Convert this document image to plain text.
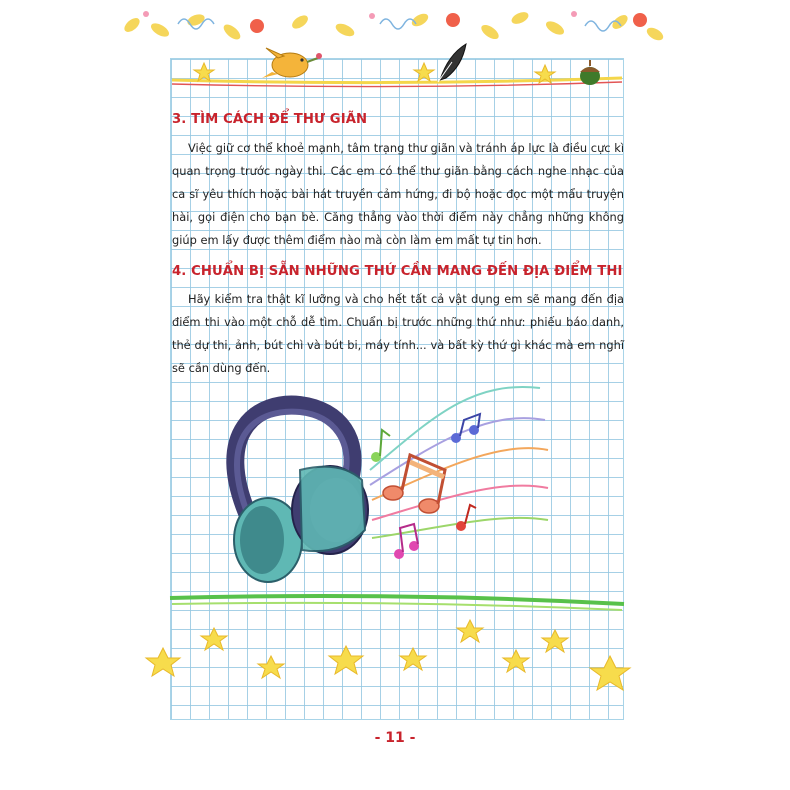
3. TÌM CÁCH ĐỂ THƯ GIÃN

Việc giữ cơ thể khoẻ mạnh, tâm trạng thư giãn và tránh áp lực là điều cực kì quan trọng trước ngày thi. Các em có thể thư giãn bằng cách nghe nhạc của ca sĩ yêu thích hoặc bài hát truyền cảm hứng, đi bộ hoặc đọc một mẩu truyện hài, gọi điện cho bạn bè. Căng thẳng vào thời điểm này chẳng những không giúp em lấy được thêm điểm nào mà còn làm em mất tự tin hơn.

4. CHUẨN BỊ SẴN NHỮNG THỨ CẦN MANG ĐẾN ĐỊA ĐIỂM THI

Hãy kiểm tra thật kĩ lưỡng và cho hết tất cả vật dụng em sẽ mang đến địa điểm thi vào một chỗ dễ tìm. Chuẩn bị trước những thứ như: phiếu báo danh, thẻ dự thi, ảnh, bút chì và bút bi, máy tính... và bất kỳ thứ gì khác mà em nghĩ sẽ cần dùng đến.

- 11 -
